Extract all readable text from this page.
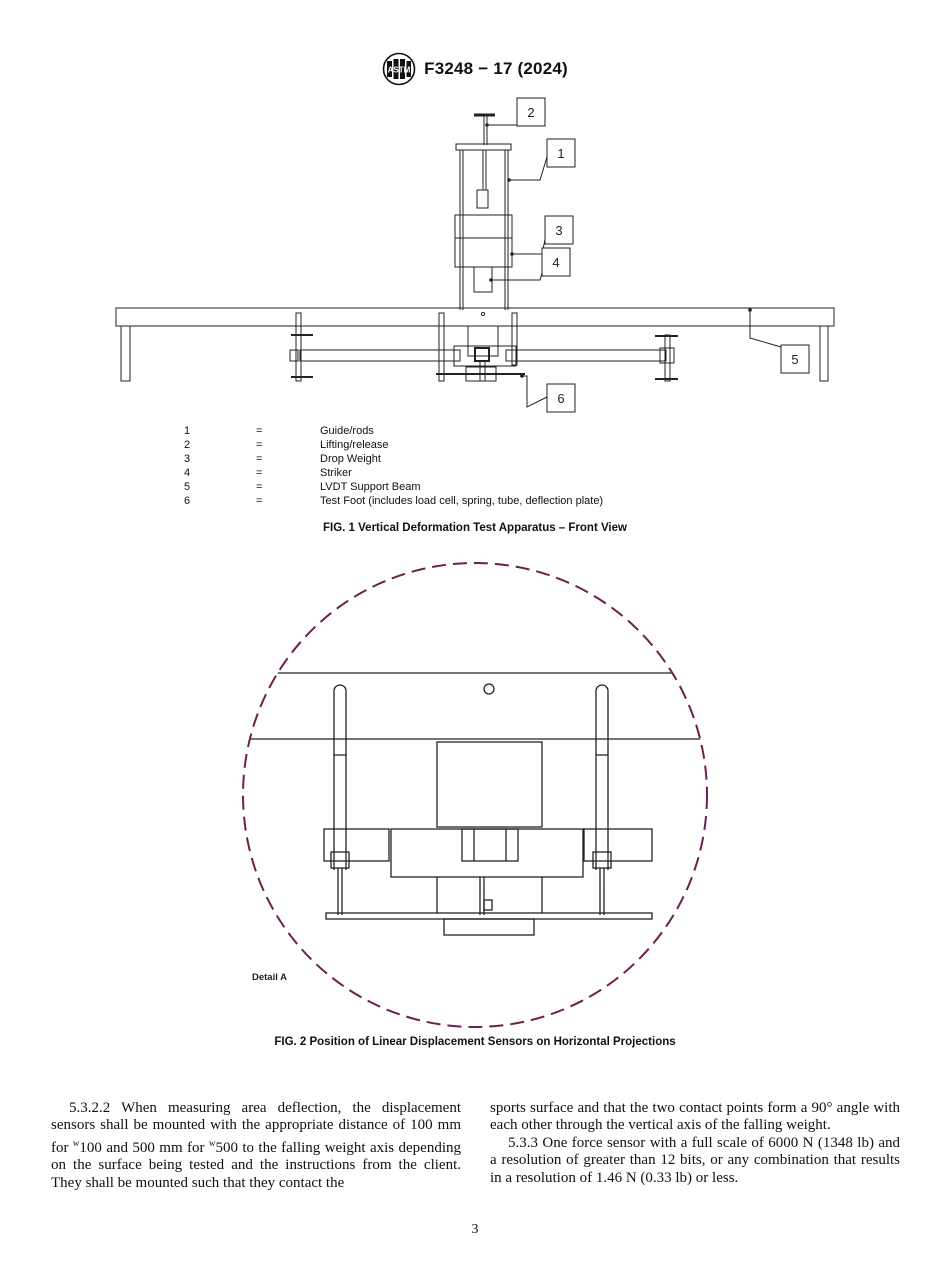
ASTM F3248 − 17 (2024)
2
1
3
4
5
6
1	=	Guide/rods
2	=	Lifting/release
3	=	Drop Weight
4	=	Striker
5	=	LVDT Support Beam
6	=	Test Foot (includes load cell, spring, tube, deflection plate)
FIG. 1 Vertical Deformation Test Apparatus – Front View
Detail A
FIG. 2 Position of Linear Displacement Sensors on Horizontal Projections

5.3.2.2 When measuring area deflection, the displacement sensors shall be mounted with the appropriate distance of 100 mm for $^w$100 and 500 mm for $^w$500 to the falling weight axis depending on the surface being tested and the instructions from the client. They shall be mounted such that they contact the

sports surface and that the two contact points form a 90° angle with each other through the vertical axis of the falling weight.

5.3.3 One force sensor with a full scale of 6000 N (1348 lb) and a resolution of greater than 12 bits, or any combination that results in a resolution of 1.46 N (0.33 lb) or less.

3
